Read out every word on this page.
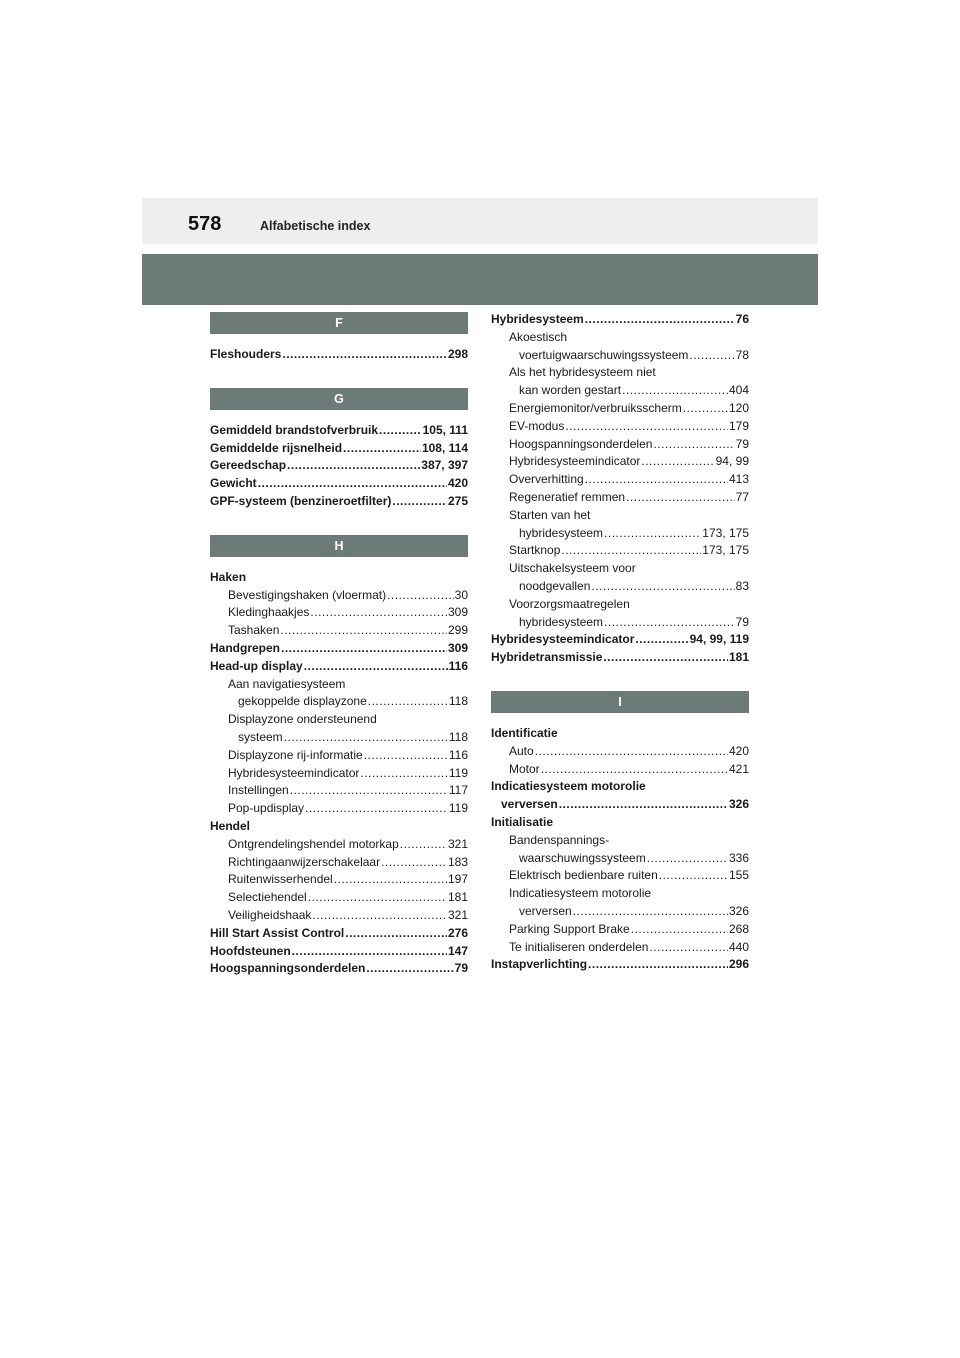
578	Alfabetische index
F
Fleshouders .....	298
G
Gemiddeld brandstofverbruik .....	105, 111
Gemiddelde rijsnelheid .....	108, 114
Gereedschap .....	387, 397
Gewicht .....	420
GPF-systeem (benzineroetfilter) .....	275
H
Haken
Bevestigingshaken (vloermat) .....	30
Kledinghaakjes .....	309
Tashaken .....	299
Handgrepen .....	309
Head-up display .....	116
Aan navigatiesysteem
gekoppelde displayzone .....	118
Displayzone ondersteunend
systeem .....	118
Displayzone rij-informatie .....	116
Hybridesysteemindicator .....	119
Instellingen .....	117
Pop-updisplay .....	119
Hendel
Ontgrendelingshendel motorkap .....	321
Richtingaanwijzerschakelaar .....	183
Ruitenwisserhendel .....	197
Selectiehendel .....	181
Veiligheidshaak .....	321
Hill Start Assist Control .....	276
Hoofdsteunen .....	147
Hoogspanningsonderdelen .....	79
Hybridesysteem .....	76
Akoestisch
voertuigwaarschuwingssysteem .....	78
Als het hybridesysteem niet
kan worden gestart .....	404
Energiemonitor/verbruiksscherm .....	120
EV-modus .....	179
Hoogspanningsonderdelen .....	79
Hybridesysteemindicator .....	94, 99
Oververhitting .....	413
Regeneratief remmen .....	77
Starten van het
hybridesysteem .....	173, 175
Startknop .....	173, 175
Uitschakelsysteem voor
noodgevallen .....	83
Voorzorgsmaatregelen
hybridesysteem .....	79
Hybridesysteemindicator .....	94, 99, 119
Hybridetransmissie .....	181
I
Identificatie
Auto .....	420
Motor .....	421
Indicatiesysteem motorolie
verversen .....	326
Initialisatie
Bandenspannings-
waarschuwingssysteem .....	336
Elektrisch bedienbare ruiten .....	155
Indicatiesysteem motorolie
verversen .....	326
Parking Support Brake .....	268
Te initialiseren onderdelen .....	440
Instapverlichting .....	296
